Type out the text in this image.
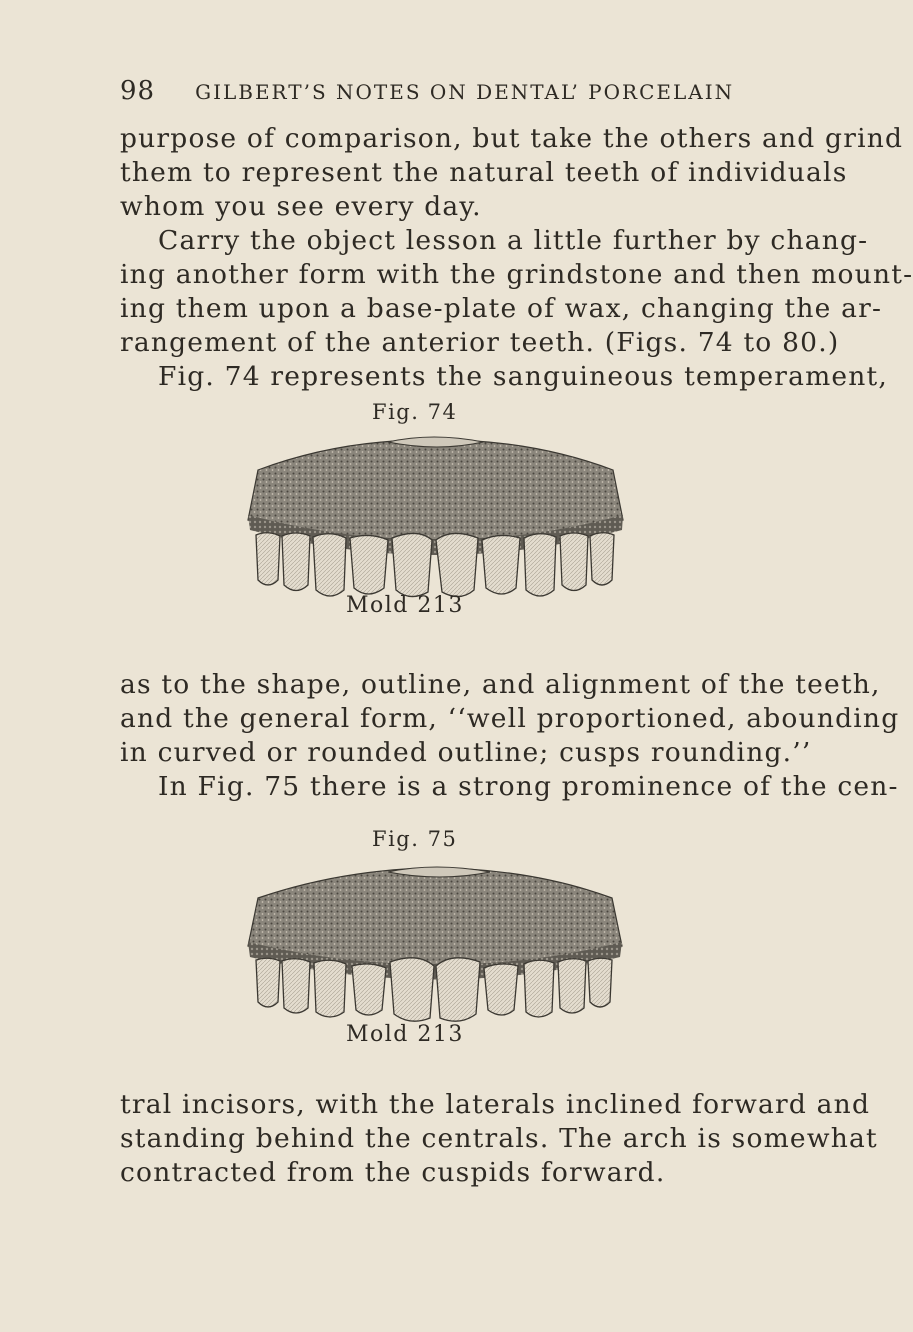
98 GILBERT’S NOTES ON DENTAL’ PORCELAIN

purpose of comparison, but take the others and grind
them to represent the natural teeth of individuals
whom you see every day.
Carry the object lesson a little further by chang-
ing another form with the grindstone and then mount-
ing them upon a base-plate of wax, changing the ar-
rangement of the anterior teeth. (Figs. 74 to 80.)
Fig. 74 represents the sanguineous temperament,

Fig. 74
Mold 213

as to the shape, outline, and alignment of the teeth,
and the general form, ‘‘well proportioned, abounding
in curved or rounded outline; cusps rounding.’’
In Fig. 75 there is a strong prominence of the cen-

Fig. 75
Mold 213

tral incisors, with the laterals inclined forward and
standing behind the centrals. The arch is somewhat
contracted from the cuspids forward.
